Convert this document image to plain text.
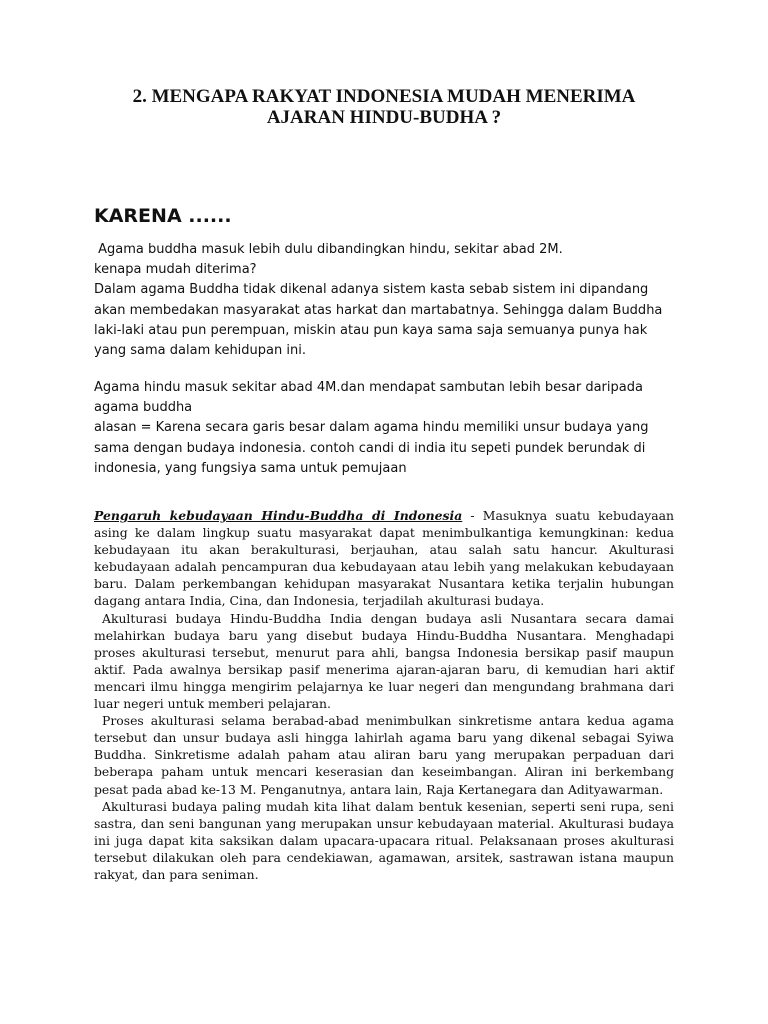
2. MENGAPA RAKYAT INDONESIA MUDAH MENERIMA
AJARAN HINDU-BUDHA ?
KARENA ......
Agama buddha masuk lebih dulu dibandingkan hindu, sekitar abad 2M.
kenapa mudah diterima?
Dalam agama Buddha tidak dikenal adanya sistem kasta sebab sistem ini dipandang
akan membedakan masyarakat atas harkat dan martabatnya. Sehingga dalam Buddha
laki-laki atau pun perempuan, miskin atau pun kaya sama saja semuanya punya hak
yang sama dalam kehidupan ini.
Agama hindu masuk sekitar abad 4M.dan mendapat sambutan lebih besar daripada
agama buddha
alasan = Karena secara garis besar dalam agama hindu memiliki unsur budaya yang
sama dengan budaya indonesia. contoh candi di india itu sepeti pundek berundak di
indonesia, yang fungsiya sama untuk pemujaan

Pengaruh kebudayaan Hindu-Buddha di Indonesia - Masuknya suatu kebudayaan asing ke dalam lingkup suatu masyarakat dapat menimbulkantiga kemungkinan: kedua kebudayaan itu akan berakulturasi, berjauhan, atau salah satu hancur. Akulturasi kebudayaan adalah pencampuran dua kebudayaan atau lebih yang melakukan kebudayaan baru. Dalam perkembangan kehidupan masyarakat Nusantara ketika terjalin hubungan dagang antara India, Cina, dan Indonesia, terjadilah akulturasi budaya.

Akulturasi budaya Hindu-Buddha India dengan budaya asli Nusantara secara damai melahirkan budaya baru yang disebut budaya Hindu-Buddha Nusantara. Menghadapi proses akulturasi tersebut, menurut para ahli, bangsa Indonesia bersikap pasif maupun aktif. Pada awalnya bersikap pasif menerima ajaran-ajaran baru, di kemudian hari aktif mencari ilmu hingga mengirim pelajarnya ke luar negeri dan mengundang brahmana dari luar negeri untuk memberi pelajaran.

Proses akulturasi selama berabad-abad menimbulkan sinkretisme antara kedua agama tersebut dan unsur budaya asli hingga lahirlah agama baru yang dikenal sebagai Syiwa Buddha. Sinkretisme adalah paham atau aliran baru yang merupakan perpaduan dari beberapa paham untuk mencari keserasian dan keseimbangan. Aliran ini berkembang pesat pada abad ke-13 M. Penganutnya, antara lain, Raja Kertanegara dan Adityawarman.

Akulturasi budaya paling mudah kita lihat dalam bentuk kesenian, seperti seni rupa, seni sastra, dan seni bangunan yang merupakan unsur kebudayaan material. Akulturasi budaya ini juga dapat kita saksikan dalam upacara-upacara ritual. Pelaksanaan proses akulturasi tersebut dilakukan oleh para cendekiawan, agamawan, arsitek, sastrawan istana maupun rakyat, dan para seniman.
